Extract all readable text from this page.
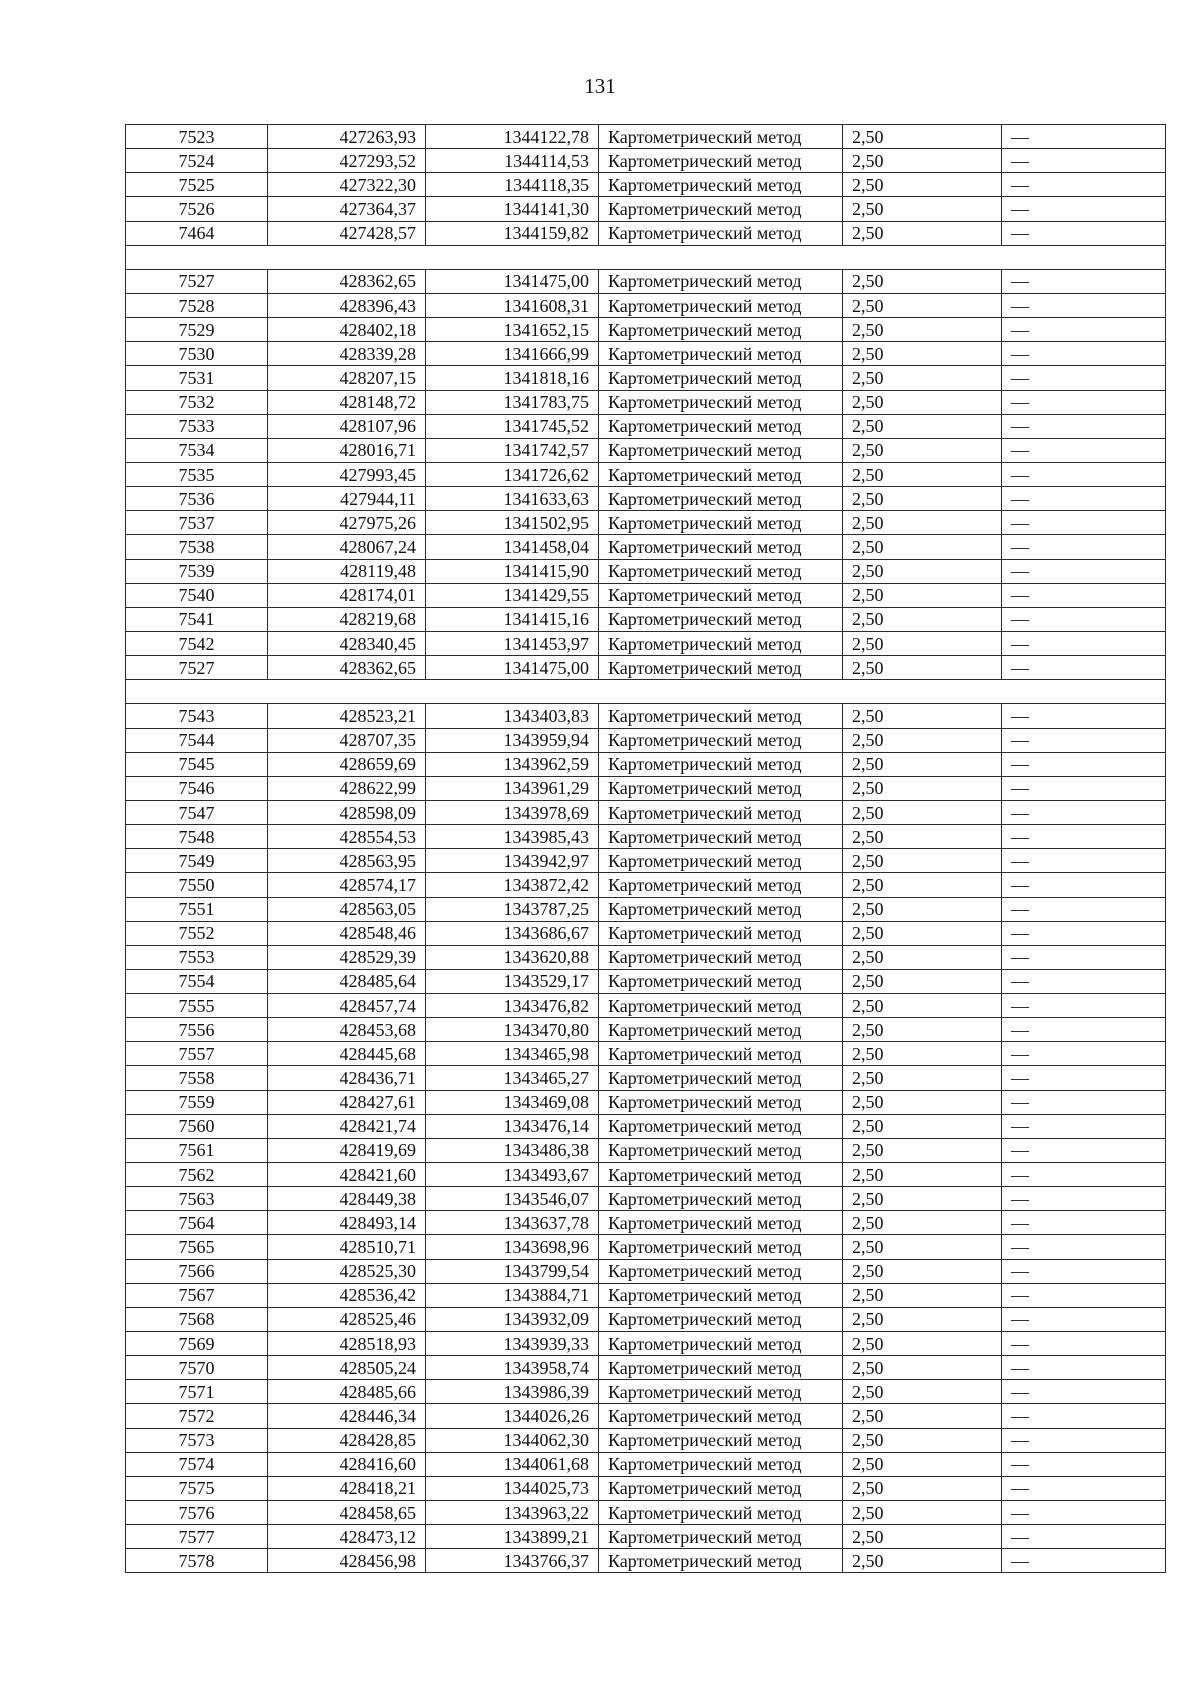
131
7523	427263,93	1344122,78	Картометрический метод	2,50	—
7524	427293,52	1344114,53	Картометрический метод	2,50	—
7525	427322,30	1344118,35	Картометрический метод	2,50	—
7526	427364,37	1344141,30	Картометрический метод	2,50	—
7464	427428,57	1344159,82	Картометрический метод	2,50	—

7527	428362,65	1341475,00	Картометрический метод	2,50	—
7528	428396,43	1341608,31	Картометрический метод	2,50	—
7529	428402,18	1341652,15	Картометрический метод	2,50	—
7530	428339,28	1341666,99	Картометрический метод	2,50	—
7531	428207,15	1341818,16	Картометрический метод	2,50	—
7532	428148,72	1341783,75	Картометрический метод	2,50	—
7533	428107,96	1341745,52	Картометрический метод	2,50	—
7534	428016,71	1341742,57	Картометрический метод	2,50	—
7535	427993,45	1341726,62	Картометрический метод	2,50	—
7536	427944,11	1341633,63	Картометрический метод	2,50	—
7537	427975,26	1341502,95	Картометрический метод	2,50	—
7538	428067,24	1341458,04	Картометрический метод	2,50	—
7539	428119,48	1341415,90	Картометрический метод	2,50	—
7540	428174,01	1341429,55	Картометрический метод	2,50	—
7541	428219,68	1341415,16	Картометрический метод	2,50	—
7542	428340,45	1341453,97	Картометрический метод	2,50	—
7527	428362,65	1341475,00	Картометрический метод	2,50	—

7543	428523,21	1343403,83	Картометрический метод	2,50	—
7544	428707,35	1343959,94	Картометрический метод	2,50	—
7545	428659,69	1343962,59	Картометрический метод	2,50	—
7546	428622,99	1343961,29	Картометрический метод	2,50	—
7547	428598,09	1343978,69	Картометрический метод	2,50	—
7548	428554,53	1343985,43	Картометрический метод	2,50	—
7549	428563,95	1343942,97	Картометрический метод	2,50	—
7550	428574,17	1343872,42	Картометрический метод	2,50	—
7551	428563,05	1343787,25	Картометрический метод	2,50	—
7552	428548,46	1343686,67	Картометрический метод	2,50	—
7553	428529,39	1343620,88	Картометрический метод	2,50	—
7554	428485,64	1343529,17	Картометрический метод	2,50	—
7555	428457,74	1343476,82	Картометрический метод	2,50	—
7556	428453,68	1343470,80	Картометрический метод	2,50	—
7557	428445,68	1343465,98	Картометрический метод	2,50	—
7558	428436,71	1343465,27	Картометрический метод	2,50	—
7559	428427,61	1343469,08	Картометрический метод	2,50	—
7560	428421,74	1343476,14	Картометрический метод	2,50	—
7561	428419,69	1343486,38	Картометрический метод	2,50	—
7562	428421,60	1343493,67	Картометрический метод	2,50	—
7563	428449,38	1343546,07	Картометрический метод	2,50	—
7564	428493,14	1343637,78	Картометрический метод	2,50	—
7565	428510,71	1343698,96	Картометрический метод	2,50	—
7566	428525,30	1343799,54	Картометрический метод	2,50	—
7567	428536,42	1343884,71	Картометрический метод	2,50	—
7568	428525,46	1343932,09	Картометрический метод	2,50	—
7569	428518,93	1343939,33	Картометрический метод	2,50	—
7570	428505,24	1343958,74	Картометрический метод	2,50	—
7571	428485,66	1343986,39	Картометрический метод	2,50	—
7572	428446,34	1344026,26	Картометрический метод	2,50	—
7573	428428,85	1344062,30	Картометрический метод	2,50	—
7574	428416,60	1344061,68	Картометрический метод	2,50	—
7575	428418,21	1344025,73	Картометрический метод	2,50	—
7576	428458,65	1343963,22	Картометрический метод	2,50	—
7577	428473,12	1343899,21	Картометрический метод	2,50	—
7578	428456,98	1343766,37	Картометрический метод	2,50	—
